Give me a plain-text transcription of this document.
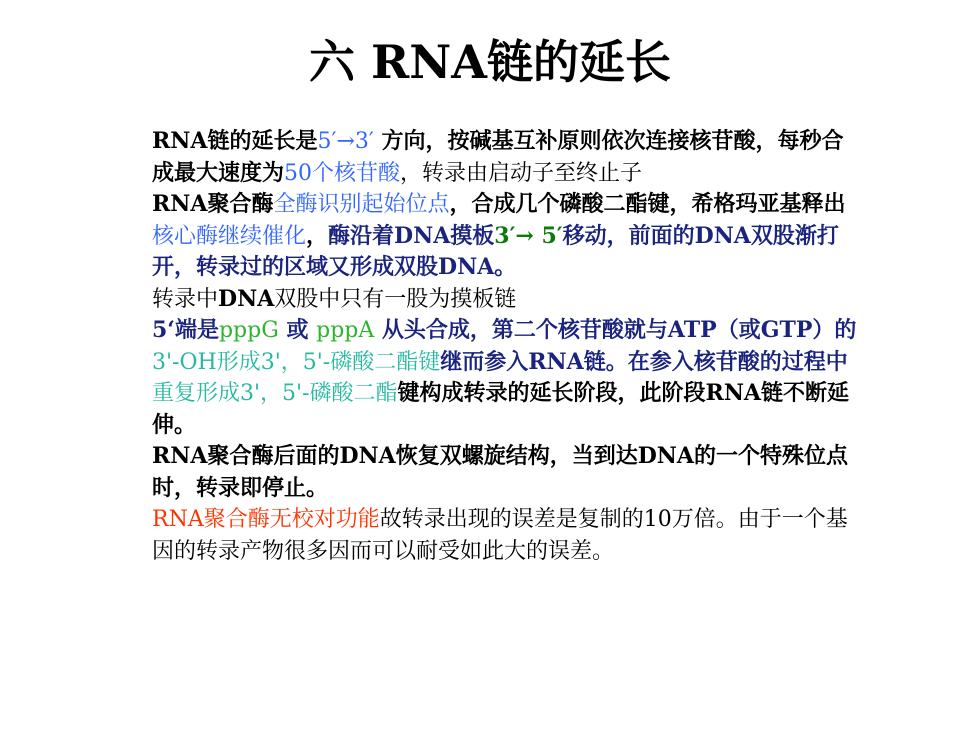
六 RNA链的延长

RNA链的延长是5′→3′ 方向，按碱基互补原则依次连接核苷酸，每秒合成最大速度为50个核苷酸，转录由启动子至终止子

RNA聚合酶全酶识别起始位点，合成几个磷酸二酯键，希格玛亚基释出核心酶继续催化，酶沿着DNA摸板3′→ 5′移动，前面的DNA双股渐打开，转录过的区域又形成双股DNA。

转录中DNA双股中只有一股为摸板链

5‘端是pppG 或 pppA 从头合成，第二个核苷酸就与ATP（或GTP）的3'-OH形成3'，5'-磷酸二酯键继而参入RNA链。在参入核苷酸的过程中重复形成3'，5'-磷酸二酯键构成转录的延长阶段，此阶段RNA链不断延伸。

RNA聚合酶后面的DNA恢复双螺旋结构，当到达DNA的一个特殊位点时，转录即停止。

RNA聚合酶无校对功能故转录出现的误差是复制的10万倍。由于一个基因的转录产物很多因而可以耐受如此大的误差。
